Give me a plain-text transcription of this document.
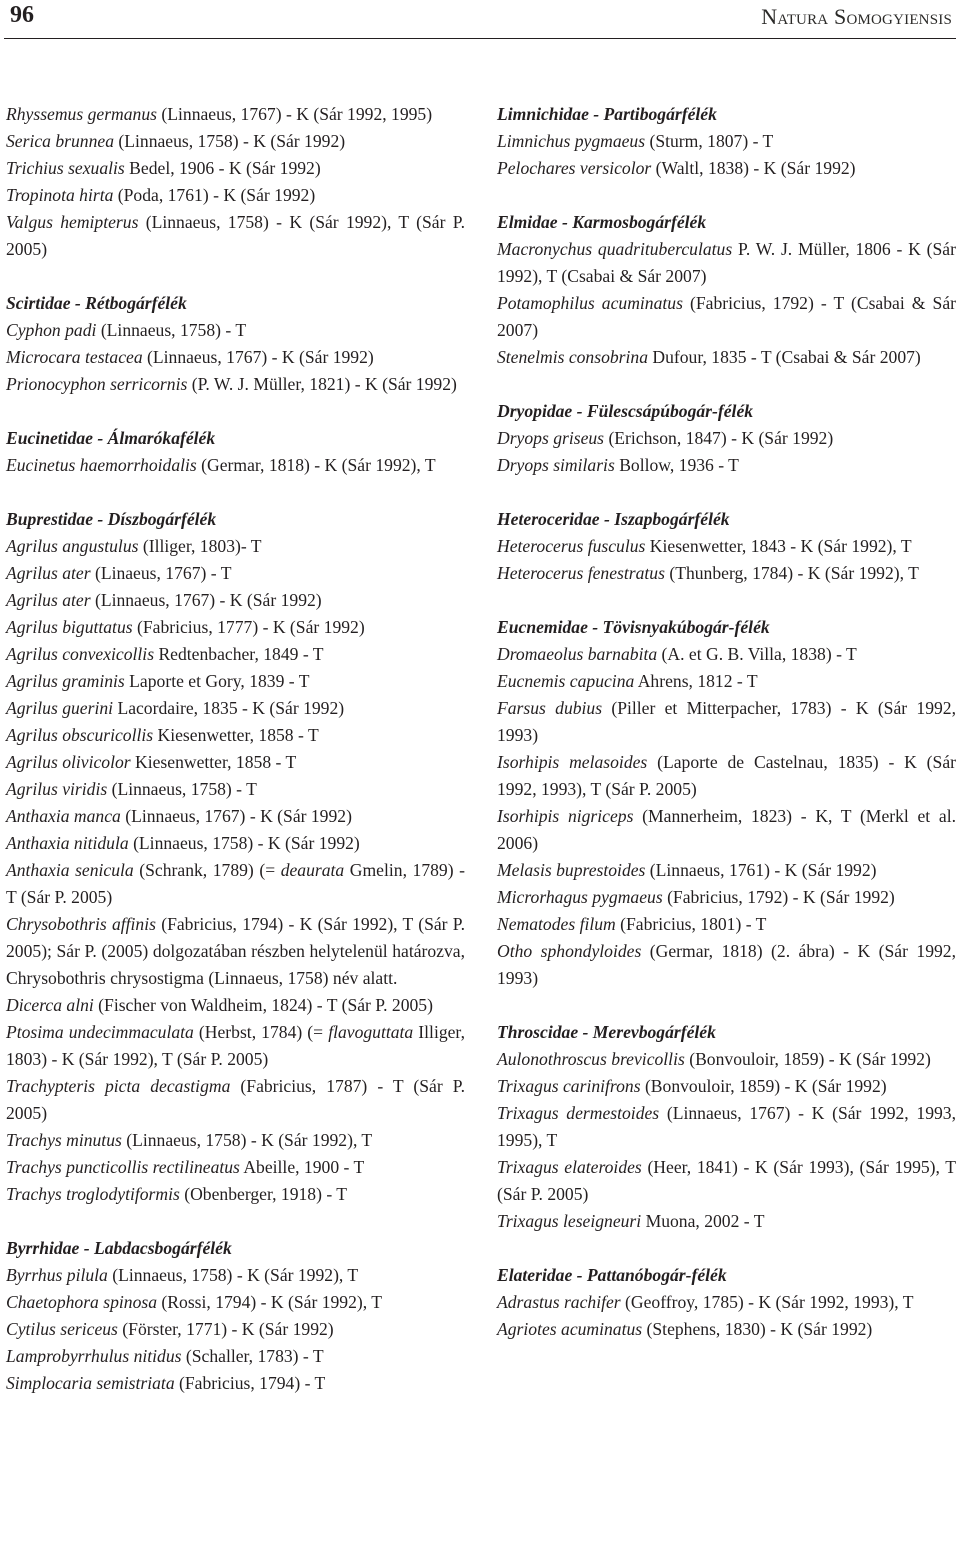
96	Natura Somogyiensis
Rhyssemus germanus (Linnaeus, 1767) - K (Sár 1992, 1995)
Serica brunnea (Linnaeus, 1758) - K (Sár 1992)
Trichius sexualis Bedel, 1906 - K (Sár 1992)
Tropinota hirta (Poda, 1761) - K (Sár 1992)
Valgus hemipterus (Linnaeus, 1758) - K (Sár 1992), T (Sár P. 2005)
Scirtidae - Rétbogárfélék
Cyphon padi (Linnaeus, 1758) - T
Microcara testacea (Linnaeus, 1767) - K (Sár 1992)
Prionocyphon serricornis (P. W. J. Müller, 1821) - K (Sár 1992)
Eucinetidae - Álmarókafélék
Eucinetus haemorrhoidalis (Germar, 1818) - K (Sár 1992), T
Buprestidae - Díszbogárfélék
Agrilus angustulus (Illiger, 1803)- T
Agrilus ater (Linaeus, 1767) - T
Agrilus ater (Linnaeus, 1767) - K (Sár 1992)
Agrilus biguttatus (Fabricius, 1777) - K (Sár 1992)
Agrilus convexicollis Redtenbacher, 1849 - T
Agrilus graminis Laporte et Gory, 1839 - T
Agrilus guerini Lacordaire, 1835 - K (Sár 1992)
Agrilus obscuricollis Kiesenwetter, 1858 - T
Agrilus olivicolor Kiesenwetter, 1858 - T
Agrilus viridis (Linnaeus, 1758) - T
Anthaxia manca (Linnaeus, 1767) - K (Sár 1992)
Anthaxia nitidula (Linnaeus, 1758) - K (Sár 1992)
Anthaxia senicula (Schrank, 1789) (= deaurata Gmelin, 1789) - T (Sár P. 2005)
Chrysobothris affinis (Fabricius, 1794) - K (Sár 1992), T (Sár P. 2005); Sár P. (2005) dolgozatában részben helytelenül határozva, Chrysobothris chrysostigma (Linnaeus, 1758) név alatt.
Dicerca alni (Fischer von Waldheim, 1824) - T (Sár P. 2005)
Ptosima undecimmaculata (Herbst, 1784) (= flavoguttata Illiger, 1803) - K (Sár 1992), T (Sár P. 2005)
Trachypteris picta decastigma (Fabricius, 1787) - T (Sár P. 2005)
Trachys minutus (Linnaeus, 1758) - K (Sár 1992), T
Trachys puncticollis rectilineatus Abeille, 1900 - T
Trachys troglodytiformis (Obenberger, 1918) - T
Byrrhidae - Labdacsbogárfélék
Byrrhus pilula (Linnaeus, 1758) - K (Sár 1992), T
Chaetophora spinosa (Rossi, 1794) - K (Sár 1992), T
Cytilus sericeus (Förster, 1771) - K (Sár 1992)
Lamprobyrrhulus nitidus (Schaller, 1783) - T
Simplocaria semistriata (Fabricius, 1794) - T
Limnichidae - Partibogárfélék
Limnichus pygmaeus (Sturm, 1807) - T
Pelochares versicolor (Waltl, 1838) - K (Sár 1992)
Elmidae - Karmosbogárfélék
Macronychus quadrituberculatus P. W. J. Müller, 1806 - K (Sár 1992), T (Csabai & Sár 2007)
Potamophilus acuminatus (Fabricius, 1792) - T (Csabai & Sár 2007)
Stenelmis consobrina Dufour, 1835 - T (Csabai & Sár 2007)
Dryopidae - Fülescsápúbogár-félék
Dryops griseus (Erichson, 1847) - K (Sár 1992)
Dryops similaris Bollow, 1936 - T
Heteroceridae - Iszapbogárfélék
Heterocerus fusculus Kiesenwetter, 1843 - K (Sár 1992), T
Heterocerus fenestratus (Thunberg, 1784) - K (Sár 1992), T
Eucnemidae - Tövisnyakúbogár-félék
Dromaeolus barnabita (A. et G. B. Villa, 1838) - T
Eucnemis capucina Ahrens, 1812 - T
Farsus dubius (Piller et Mitterpacher, 1783) - K (Sár 1992, 1993)
Isorhipis melasoides (Laporte de Castelnau, 1835) - K (Sár 1992, 1993), T (Sár P. 2005)
Isorhipis nigriceps (Mannerheim, 1823) - K, T (Merkl et al. 2006)
Melasis buprestoides (Linnaeus, 1761) - K (Sár 1992)
Microrhagus pygmaeus (Fabricius, 1792) - K (Sár 1992)
Nematodes filum (Fabricius, 1801) - T
Otho sphondyloides (Germar, 1818) (2. ábra) - K (Sár 1992, 1993)
Throscidae - Merevbogárfélék
Aulonothroscus brevicollis (Bonvouloir, 1859) - K (Sár 1992)
Trixagus carinifrons (Bonvouloir, 1859) - K (Sár 1992)
Trixagus dermestoides (Linnaeus, 1767) - K (Sár 1992, 1993, 1995), T
Trixagus elateroides (Heer, 1841) - K (Sár 1993), (Sár 1995), T (Sár P. 2005)
Trixagus leseigneuri Muona, 2002 - T
Elateridae - Pattanóbogár-félék
Adrastus rachifer (Geoffroy, 1785) - K (Sár 1992, 1993), T
Agriotes acuminatus (Stephens, 1830) - K (Sár 1992)
